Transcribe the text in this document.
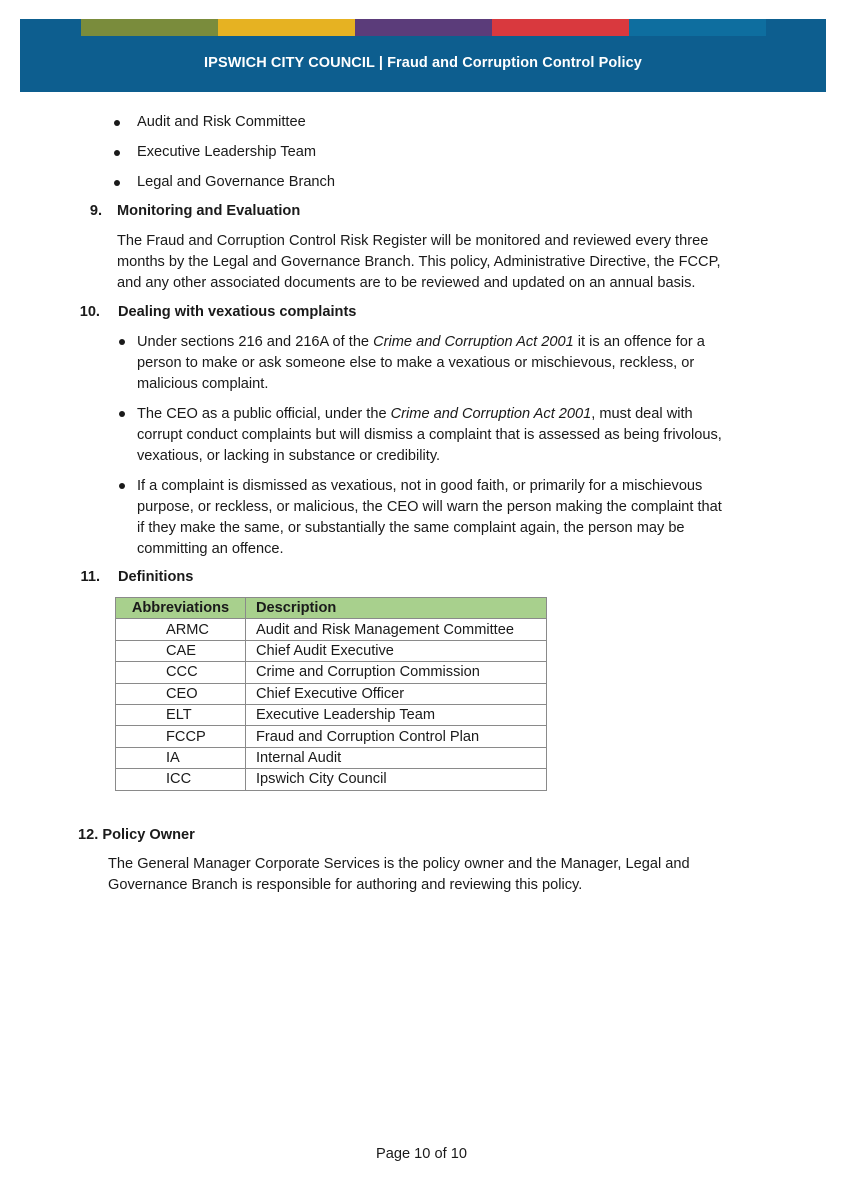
IPSWICH CITY COUNCIL | Fraud and Corruption Control Policy
Audit and Risk Committee
Executive Leadership Team
Legal and Governance Branch
9. Monitoring and Evaluation
The Fraud and Corruption Control Risk Register will be monitored and reviewed every three
months by the Legal and Governance Branch. This policy, Administrative Directive, the FCCP,
and any other associated documents are to be reviewed and updated on an annual basis.
10. Dealing with vexatious complaints
Under sections 216 and 216A of the Crime and Corruption Act 2001 it is an offence for a
person to make or ask someone else to make a vexatious or mischievous, reckless, or
malicious complaint.
The CEO as a public official, under the Crime and Corruption Act 2001, must deal with
corrupt conduct complaints but will dismiss a complaint that is assessed as being frivolous,
vexatious, or lacking in substance or credibility.
If a complaint is dismissed as vexatious, not in good faith, or primarily for a mischievous
purpose, or reckless, or malicious, the CEO will warn the person making the complaint that
if they make the same, or substantially the same complaint again, the person may be
committing an offence.
11. Definitions
Abbreviations	Description
ARMC	Audit and Risk Management Committee
CAE	Chief Audit Executive
CCC	Crime and Corruption Commission
CEO	Chief Executive Officer
ELT	Executive Leadership Team
FCCP	Fraud and Corruption Control Plan
IA	Internal Audit
ICC	Ipswich City Council
12. Policy Owner
The General Manager Corporate Services is the policy owner and the Manager, Legal and
Governance Branch is responsible for authoring and reviewing this policy.
Page 10 of 10
